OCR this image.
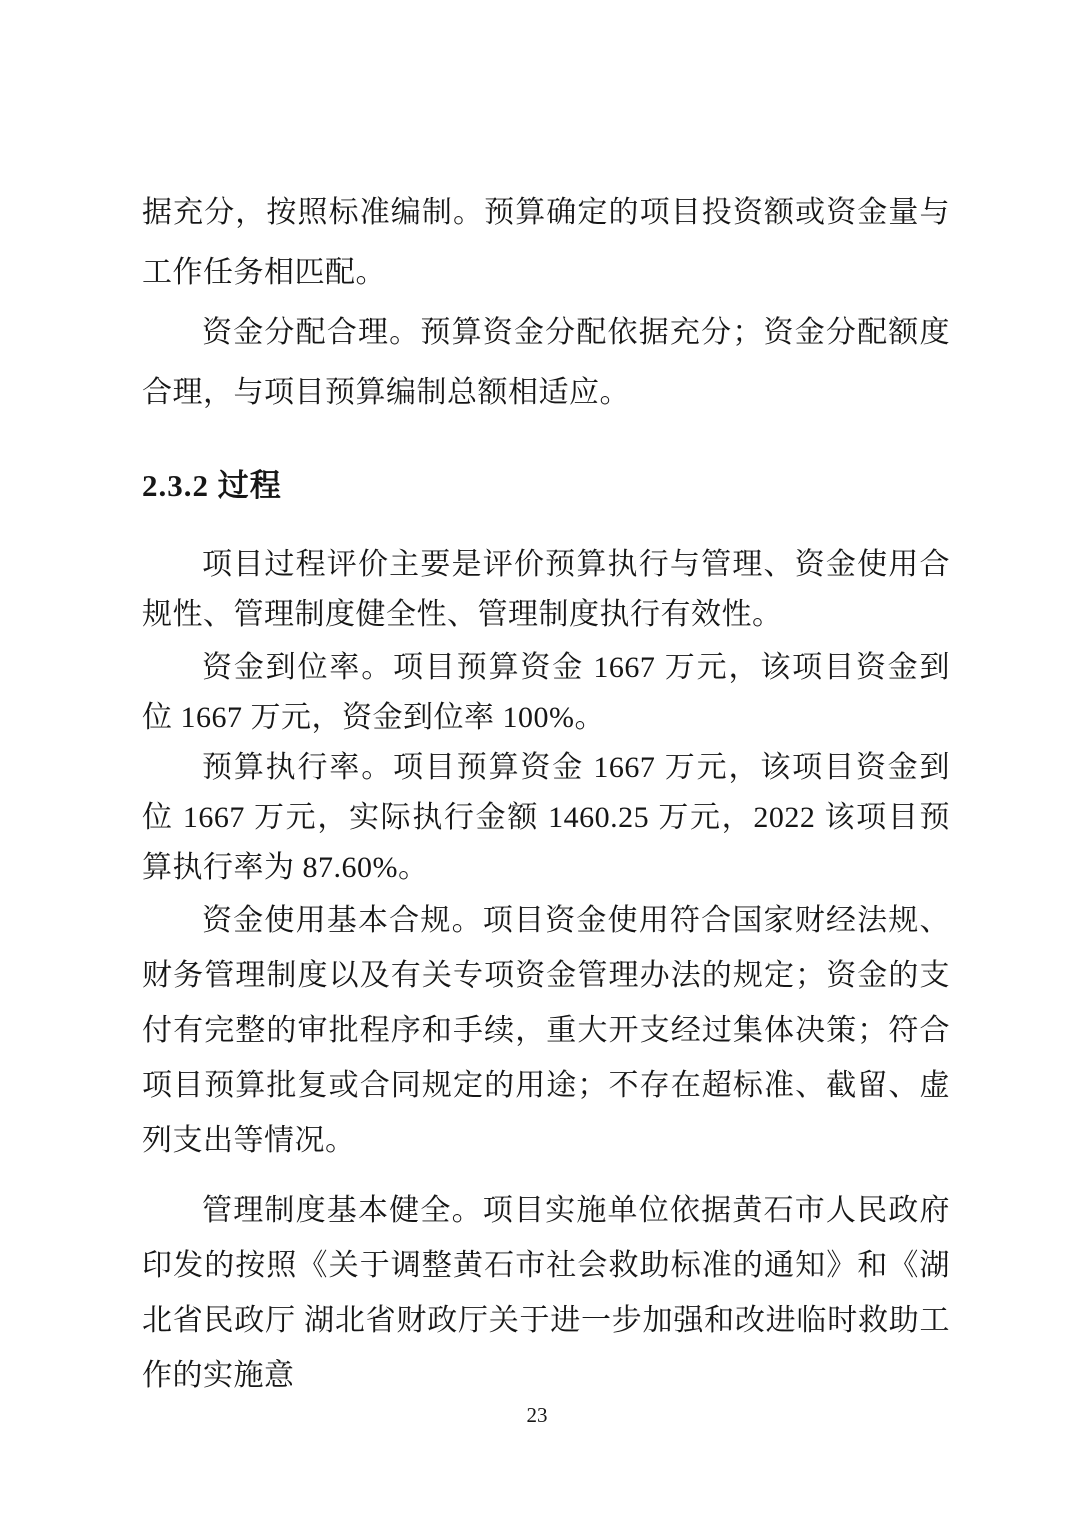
据充分，按照标准编制。预算确定的项目投资额或资金量与工作任务相匹配。

资金分配合理。预算资金分配依据充分；资金分配额度合理，与项目预算编制总额相适应。

2.3.2 过程

项目过程评价主要是评价预算执行与管理、资金使用合规性、管理制度健全性、管理制度执行有效性。

资金到位率。项目预算资金 1667 万元，该项目资金到位 1667 万元，资金到位率 100%。

预算执行率。项目预算资金 1667 万元，该项目资金到位 1667 万元，实际执行金额 1460.25 万元，2022 该项目预算执行率为 87.60%。

资金使用基本合规。项目资金使用符合国家财经法规、财务管理制度以及有关专项资金管理办法的规定；资金的支付有完整的审批程序和手续，重大开支经过集体决策；符合项目预算批复或合同规定的用途；不存在超标准、截留、虚列支出等情况。

管理制度基本健全。项目实施单位依据黄石市人民政府印发的按照《关于调整黄石市社会救助标准的通知》和《湖北省民政厅 湖北省财政厅关于进一步加强和改进临时救助工作的实施意

23
